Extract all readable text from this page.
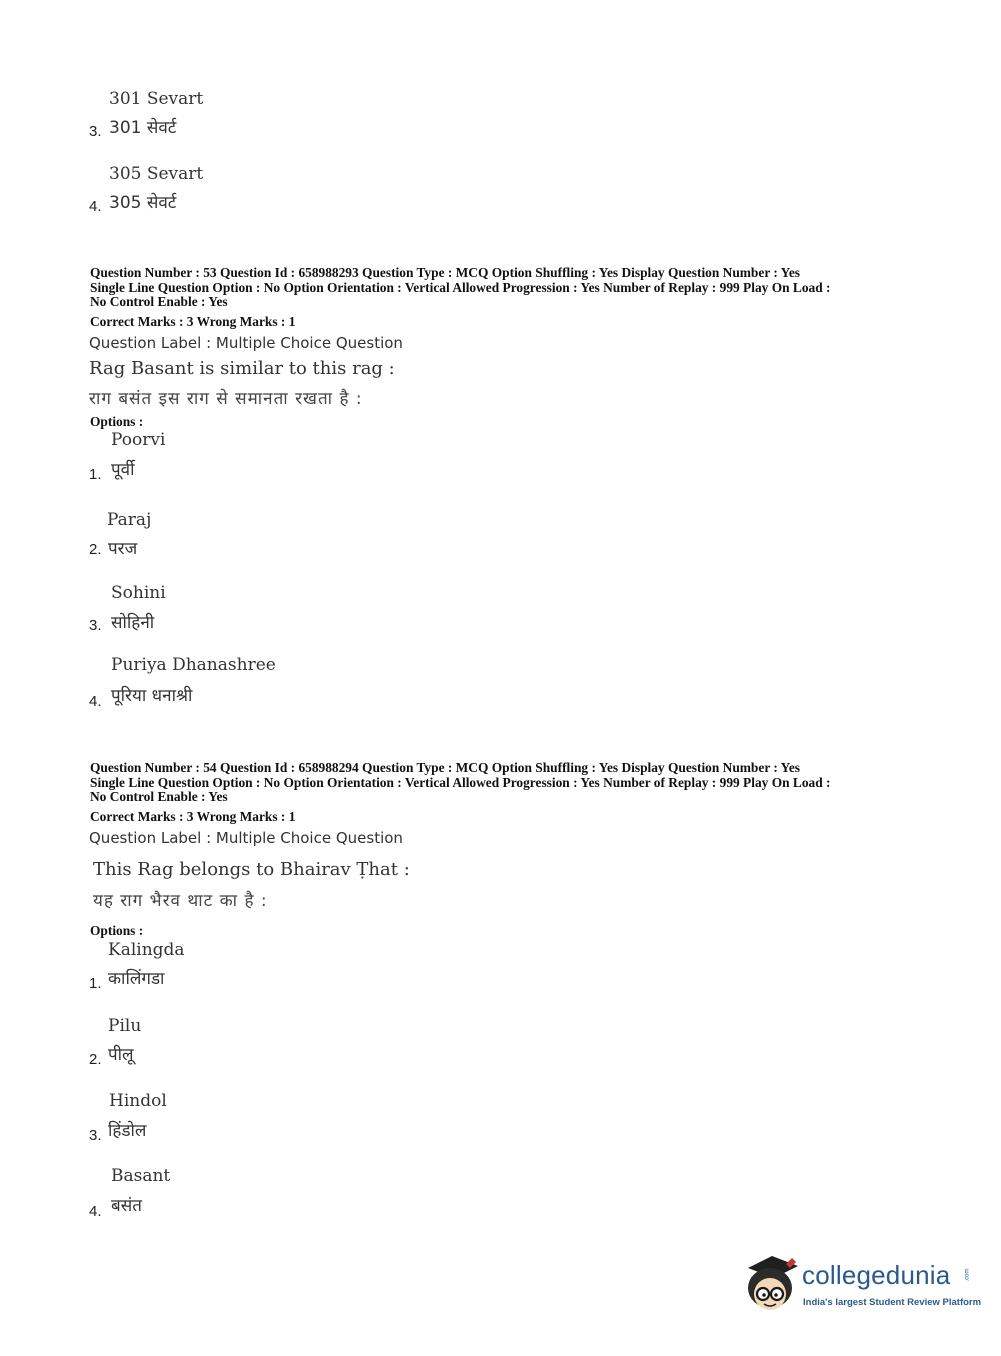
301 Sevart
301 सेवर्ट
3.
305 Sevart
305 सेवर्ट
4.
Question Number : 53 Question Id : 658988293 Question Type : MCQ Option Shuffling : Yes Display Question Number : Yes
Single Line Question Option : No Option Orientation : Vertical Allowed Progression : Yes Number of Replay : 999 Play On Load :
No Control Enable : Yes
Correct Marks : 3 Wrong Marks : 1
Question Label : Multiple Choice Question
Rag Basant is similar to this rag :
राग बसंत इस राग से समानता रखता है :
Options :
Poorvi
पूर्वी
1.
Paraj
परज
2.
Sohini
सोहिनी
3.
Puriya Dhanashree
पूरिया धनाश्री
4.
Question Number : 54 Question Id : 658988294 Question Type : MCQ Option Shuffling : Yes Display Question Number : Yes
Single Line Question Option : No Option Orientation : Vertical Allowed Progression : Yes Number of Replay : 999 Play On Load :
No Control Enable : Yes
Correct Marks : 3 Wrong Marks : 1
Question Label : Multiple Choice Question
This Rag belongs to Bhairav Ṭhat :
यह राग भैरव थाट का है :
Options :
Kalingda
कालिंगडा
1.
Pilu
पीलू
2.
Hindol
हिंडोल
3.
Basant
बसंत
4.
collegedunia .com
India's largest Student Review Platform
